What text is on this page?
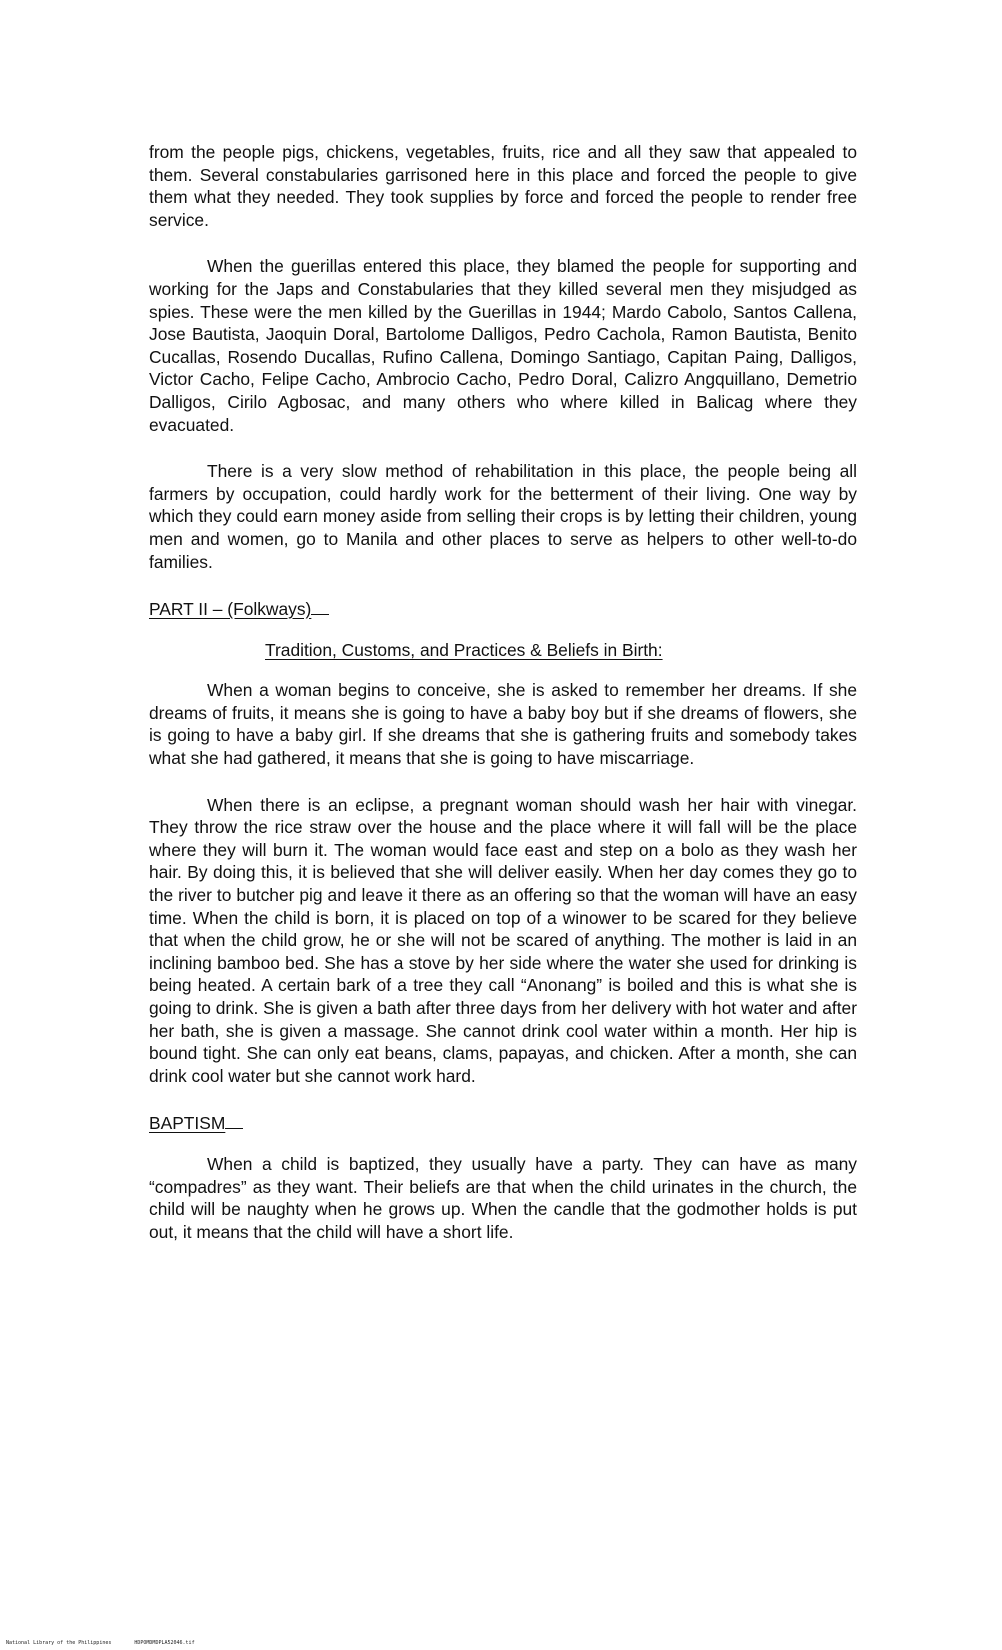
from the people pigs, chickens, vegetables, fruits, rice and all they saw that appealed to them. Several constabularies garrisoned here in this place and forced the people to give them what they needed. They took supplies by force and forced the people to render free service.

When the guerillas entered this place, they blamed the people for supporting and working for the Japs and Constabularies that they killed several men they misjudged as spies. These were the men killed by the Guerillas in 1944; Mardo Cabolo, Santos Callena, Jose Bautista, Jaoquin Doral, Bartolome Dalligos, Pedro Cachola, Ramon Bautista, Benito Cucallas, Rosendo Ducallas, Rufino Callena, Domingo Santiago, Capitan Paing, Dalligos, Victor Cacho, Felipe Cacho, Ambrocio Cacho, Pedro Doral, Calizro Angquillano, Demetrio Dalligos, Cirilo Agbosac, and many others who where killed in Balicag where they evacuated.

There is a very slow method of rehabilitation in this place, the people being all farmers by occupation, could hardly work for the betterment of their living. One way by which they could earn money aside from selling their crops is by letting their children, young men and women, go to Manila and other places to serve as helpers to other well-to-do families.

PART II – (Folkways)
Tradition, Customs, and Practices & Beliefs in Birth:

When a woman begins to conceive, she is asked to remember her dreams. If she dreams of fruits, it means she is going to have a baby boy but if she dreams of flowers, she is going to have a baby girl. If she dreams that she is gathering fruits and somebody takes what she had gathered, it means that she is going to have miscarriage.

When there is an eclipse, a pregnant woman should wash her hair with vinegar. They throw the rice straw over the house and the place where it will fall will be the place where they will burn it. The woman would face east and step on a bolo as they wash her hair. By doing this, it is believed that she will deliver easily. When her day comes they go to the river to butcher pig and leave it there as an offering so that the woman will have an easy time. When the child is born, it is placed on top of a winower to be scared for they believe that when the child grow, he or she will not be scared of anything. The mother is laid in an inclining bamboo bed. She has a stove by her side where the water she used for drinking is being heated. A certain bark of a tree they call “Anonang” is boiled and this is what she is going to drink. She is given a bath after three days from her delivery with hot water and after her bath, she is given a massage. She cannot drink cool water within a month. Her hip is bound tight. She can only eat beans, clams, papayas, and chicken. After a month, she can drink cool water but she cannot work hard.

BAPTISM

When a child is baptized, they usually have a party. They can have as many “compadres” as they want. Their beliefs are that when the child urinates in the church, the child will be naughty when he grows up. When the candle that the godmother holds is put out, it means that the child will have a short life.

National Library of the Philippines	HDPOMDMDPLA52046.tif
